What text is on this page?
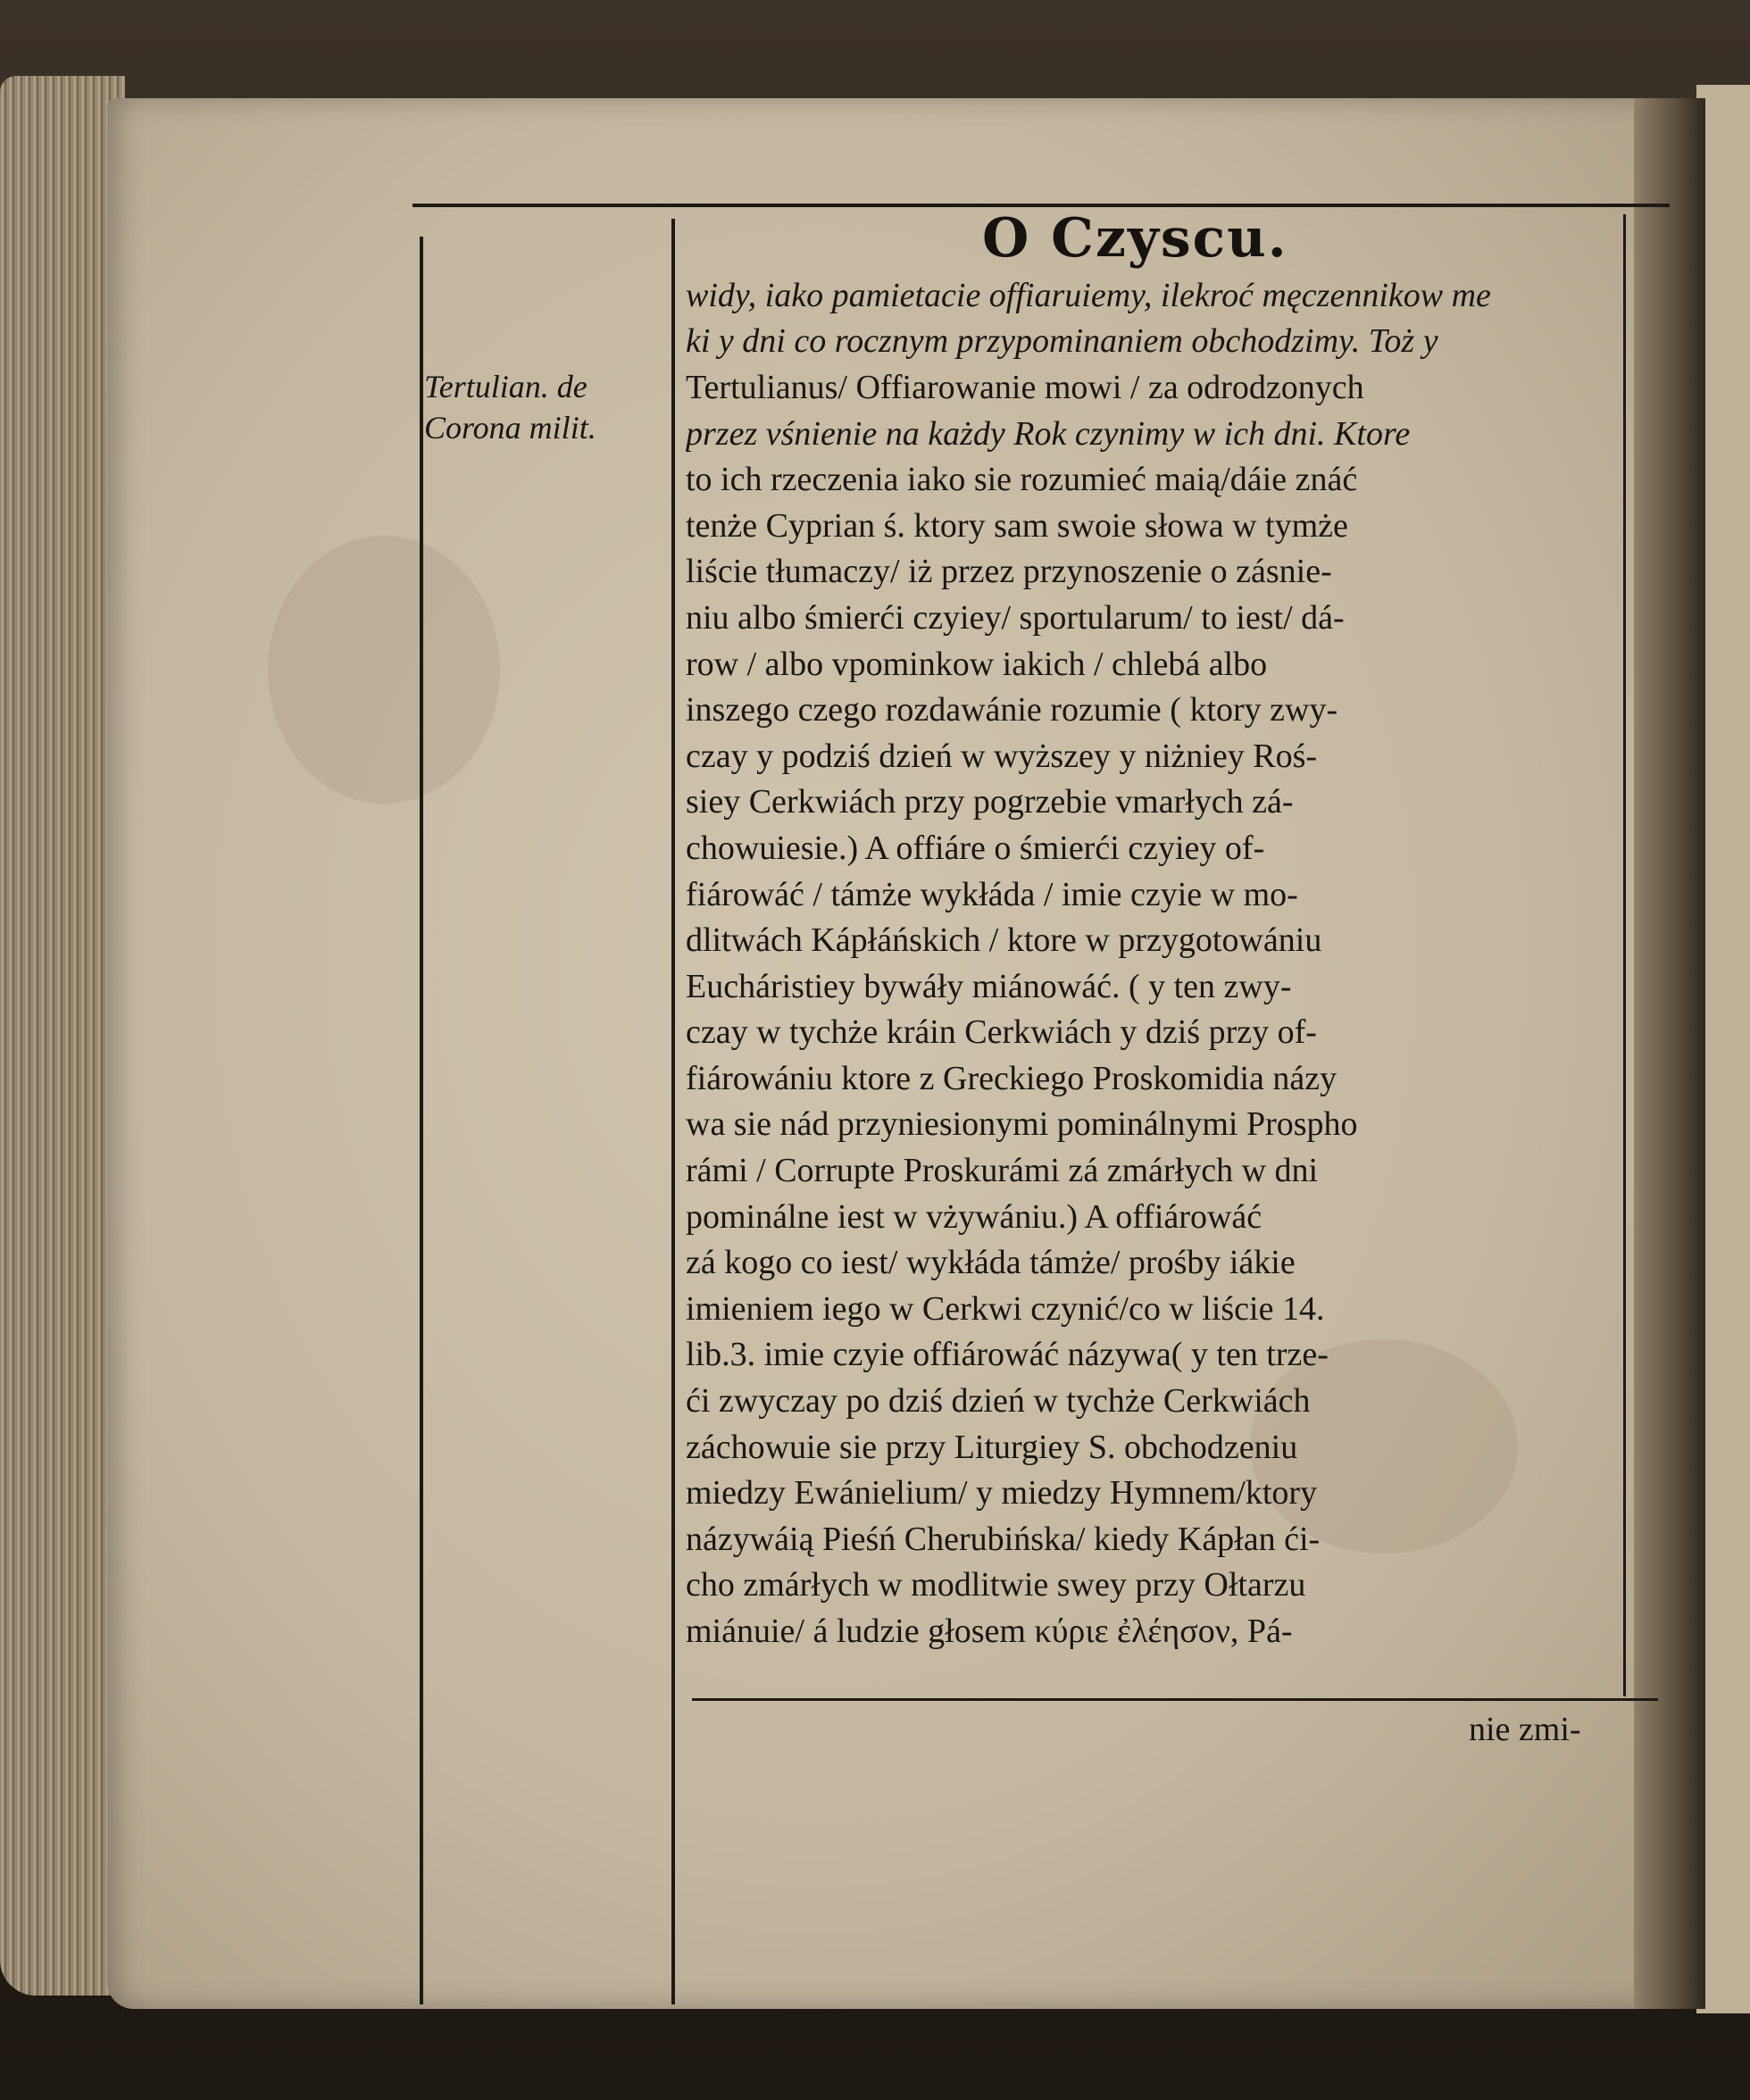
O Czyscu.
Tertulian. de
Corona milit.
widy, iako pamietacie offiaruiemy, ilekroć męczennikow me
ki y dni co rocznym przypominaniem obchodzimy. Toż y
Tertulianus/ Offiarowanie mowi / za odrodzonych
przez vśnienie na każdy Rok czynimy w ich dni. Ktore
to ich rzeczenia iako sie rozumieć maią/dáie znáć
tenże Cyprian ś. ktory sam swoie słowa w tymże
liście tłumaczy/ iż przez przynoszenie o zásnie-
niu albo śmierći czyiey/ sportularum/ to iest/ dá-
row / albo vpominkow iakich / chlebá albo
inszego czego rozdawánie rozumie ( ktory zwy-
czay y podziś dzień w wyższey y niżniey Roś-
siey Cerkwiách przy pogrzebie vmarłych zá-
chowuiesie.) A offiáre o śmierći czyiey of-
fiárowáć / támże wykłáda / imie czyie w mo-
dlitwách Kápłáńskich / ktore w przygotowániu
Eucháristiey bywáły miánowáć. ( y ten zwy-
czay w tychże kráin Cerkwiách y dziś przy of-
fiárowániu ktore z Greckiego Proskomidia názy
wa sie nád przyniesionymi pominálnymi Prospho
rámi / Corrupte Proskurámi zá zmárłych w dni
pominálne iest w vżywániu.) A offiárowáć
zá kogo co iest/ wykłáda támże/ prośby iákie
imieniem iego w Cerkwi czynić/co w liście 14.
lib.3. imie czyie offiárowáć názywa( y ten trze-
ći zwyczay po dziś dzień w tychże Cerkwiách
záchowuie sie przy Liturgiey S. obchodzeniu
miedzy Ewánielium/ y miedzy Hymnem/ktory
názywáią Pieśń Cherubińska/ kiedy Kápłan ći-
cho zmárłych w modlitwie swey przy Ołtarzu
miánuie/ á ludzie głosem κύριε ἐλέησον, Pá-
nie zmi-
